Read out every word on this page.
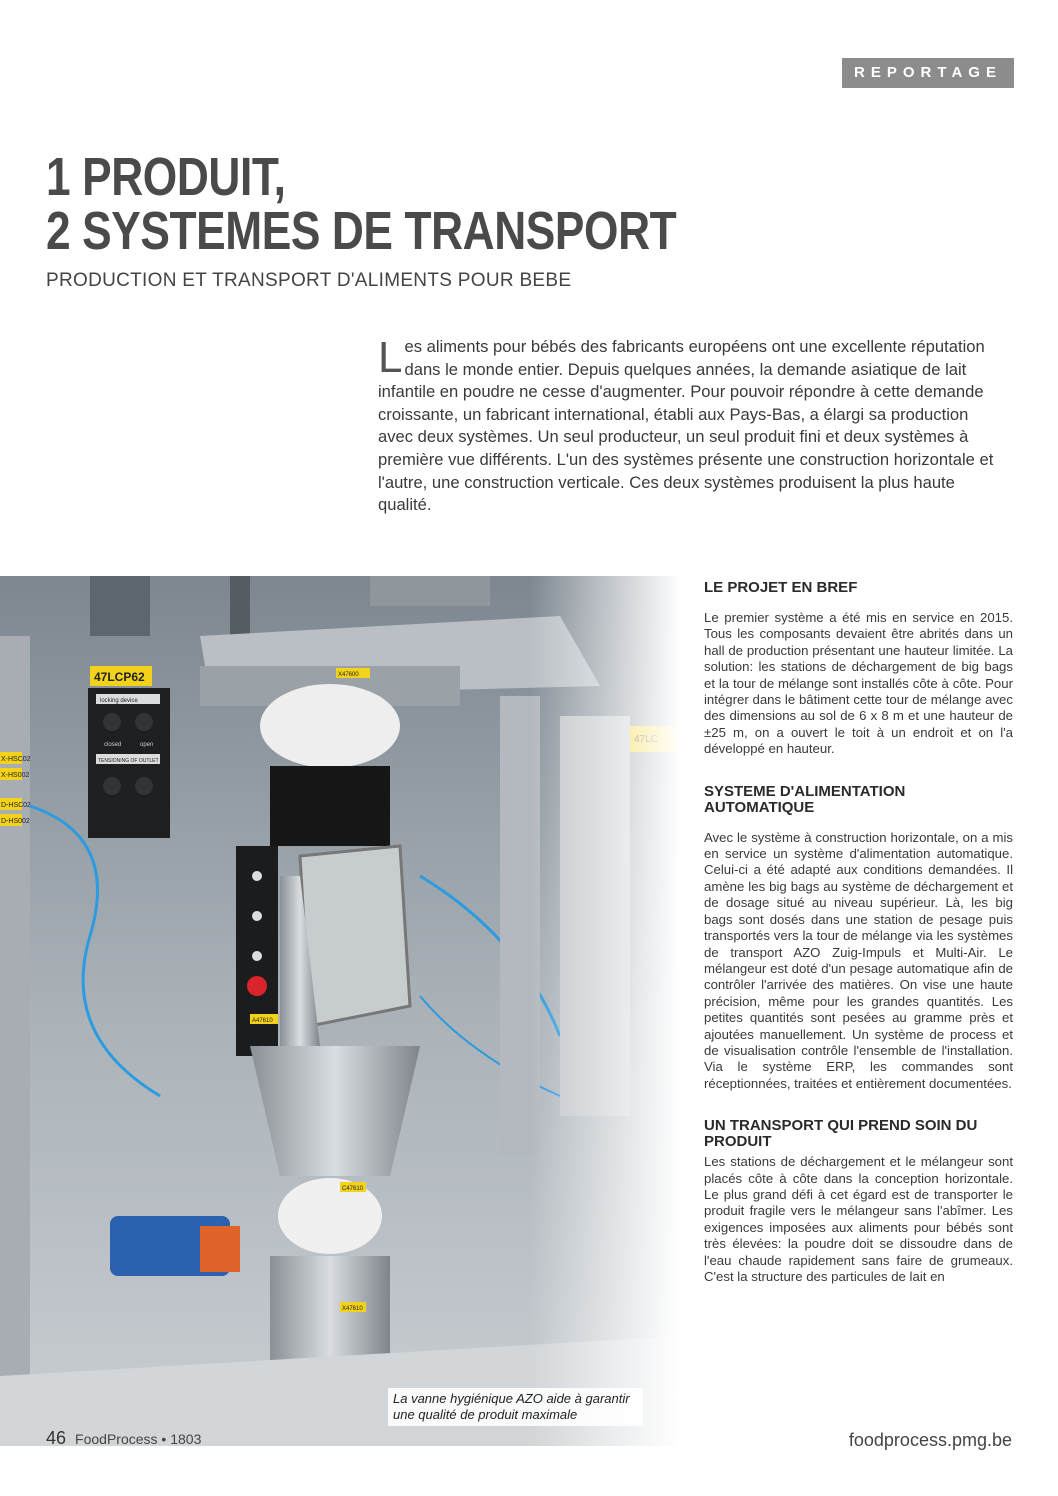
REPORTAGE
1 PRODUIT,
2 SYSTEMES DE TRANSPORT
PRODUCTION ET TRANSPORT D'ALIMENTS POUR BEBE
Les aliments pour bébés des fabricants européens ont une excellente réputation dans le monde entier. Depuis quelques années, la demande asiatique de lait infantile en poudre ne cesse d'augmenter. Pour pouvoir répondre à cette demande croissante, un fabricant international, établi aux Pays-Bas, a élargi sa production avec deux systèmes. Un seul producteur, un seul produit fini et deux systèmes à première vue différents. L'un des systèmes présente une construction horizontale et l'autre, une construction verticale. Ces deux systèmes produisent la plus haute qualité.
La vanne hygiénique AZO aide à garantir une qualité de produit maximale
LE PROJET EN BREF

Le premier système a été mis en service en 2015. Tous les composants devaient être abrités dans un hall de production présentant une hauteur limitée. La solution: les stations de déchargement de big bags et la tour de mélange sont installés côte à côte. Pour intégrer dans le bâtiment cette tour de mélange avec des dimensions au sol de 6 x 8 m et une hauteur de ±25 m, on a ouvert le toit à un endroit et on l'a développé en hauteur.

SYSTEME D'ALIMENTATION AUTOMATIQUE

Avec le système à construction horizontale, on a mis en service un système d'alimentation automatique. Celui-ci a été adapté aux conditions demandées. Il amène les big bags au système de déchargement et de dosage situé au niveau supérieur. Là, les big bags sont dosés dans une station de pesage puis transportés vers la tour de mélange via les systèmes de transport AZO Zuig-Impuls et Multi-Air. Le mélangeur est doté d'un pesage automatique afin de contrôler l'arrivée des matières. On vise une haute précision, même pour les grandes quantités. Les petites quantités sont pesées au gramme près et ajoutées manuellement. Un système de process et de visualisation contrôle l'ensemble de l'installation. Via le système ERP, les commandes sont réceptionnées, traitées et entièrement documentées.

UN TRANSPORT QUI PREND SOIN DU PRODUIT

Les stations de déchargement et le mélangeur sont placés côte à côte dans la conception horizontale. Le plus grand défi à cet égard est de transporter le produit fragile vers le mélangeur sans l'abîmer. Les exigences imposées aux aliments pour bébés sont très élevées: la poudre doit se dissoudre dans de l'eau chaude rapidement sans faire de grumeaux. C'est la structure des particules de lait en

46 FoodProcess • 1803	foodprocess.pmg.be
